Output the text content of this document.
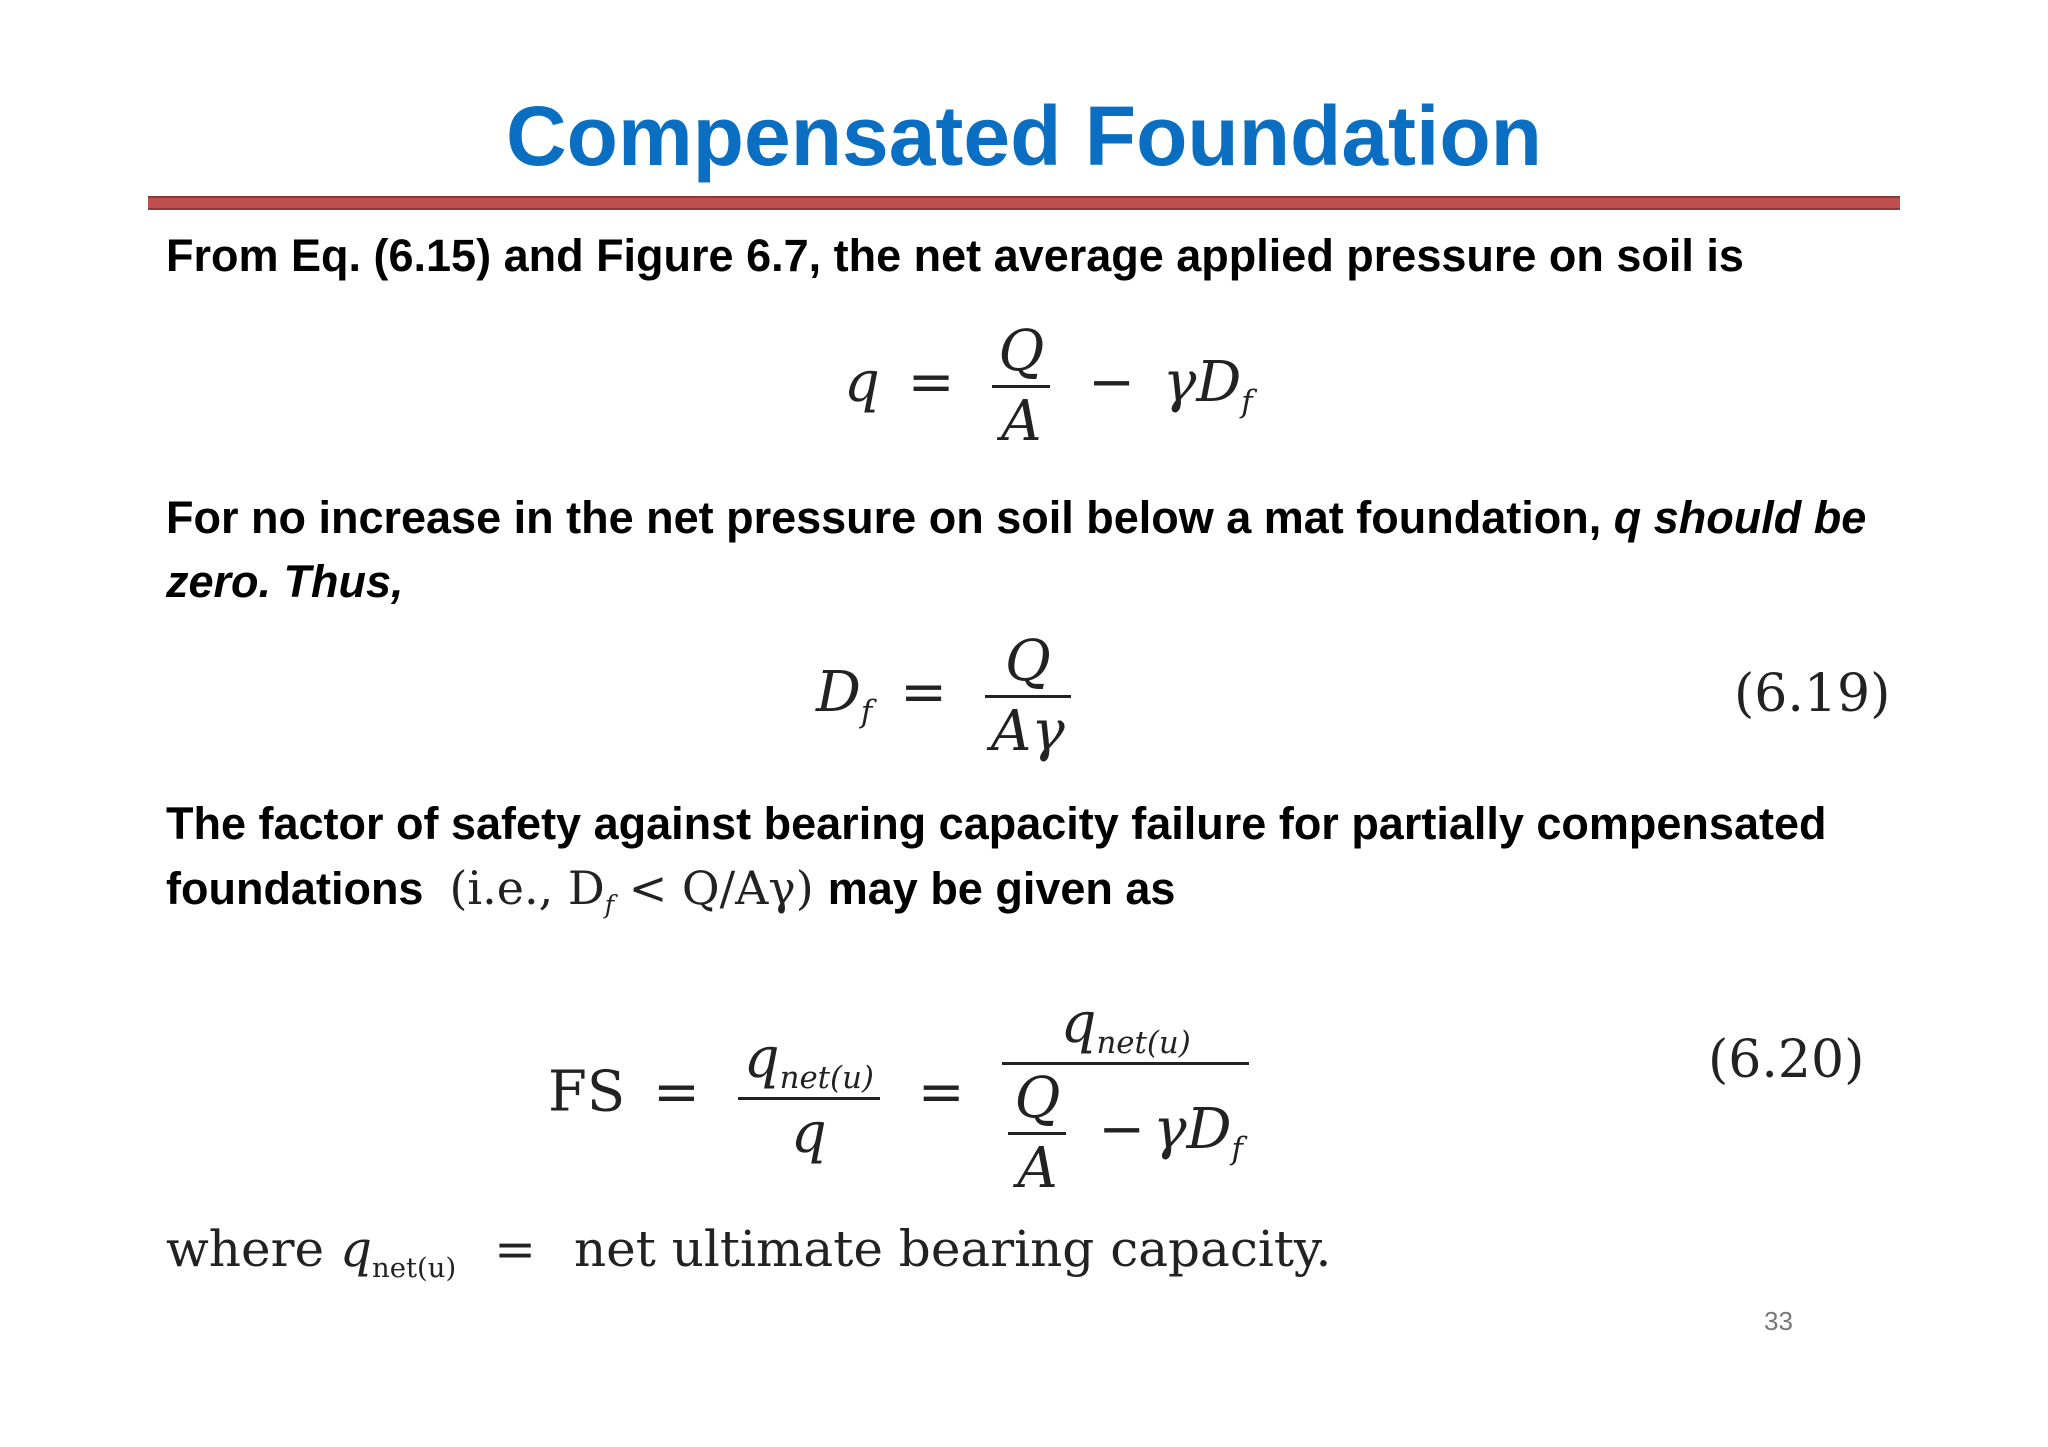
Compensated Foundation
From Eq. (6.15) and Figure 6.7, the net average applied pressure on soil is
$q = \frac{Q}{A} - \gamma D_f$
For no increase in the net pressure on soil below a mat foundation, q should be zero. Thus,
$D_f = \frac{Q}{A\gamma}$	(6.19)
The factor of safety against bearing capacity failure for partially compensated
foundations (i.e., $D_f < Q/A\gamma$) may be given as
FS = $\frac{q_{net(u)}}{q} = \frac{q_{net(u)}}{\frac{Q}{A} - \gamma D_f}$	(6.20)
where $q_{net(u)}$ = net ultimate bearing capacity.
33
